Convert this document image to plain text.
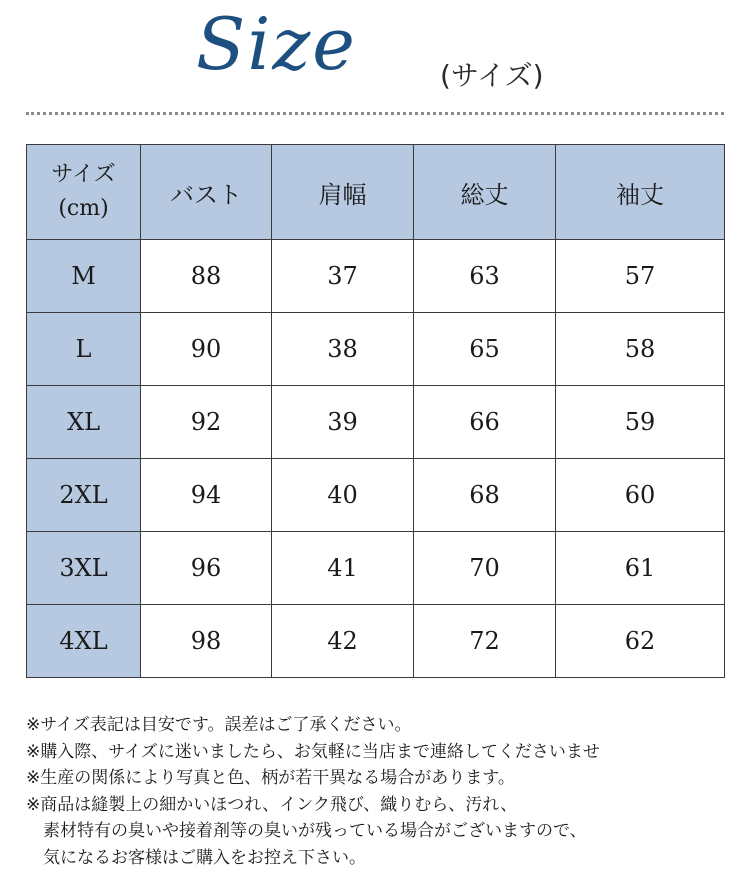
Size	(サイズ)
サイズ
(cm)	バスト	肩幅	総丈	袖丈
M	88	37	63	57
L	90	38	65	58
XL	92	39	66	59
2XL	94	40	68	60
3XL	96	41	70	61
4XL	98	42	72	62
※サイズ表記は目安です。誤差はご了承ください。
※購入際、サイズに迷いましたら、お気軽に当店まで連絡してくださいませ
※生産の関係により写真と色、柄が若干異なる場合があります。
※商品は縫製上の細かいほつれ、インク飛び、織りむら、汚れ、
素材特有の臭いや接着剤等の臭いが残っている場合がございますので、
気になるお客様はご購入をお控え下さい。
